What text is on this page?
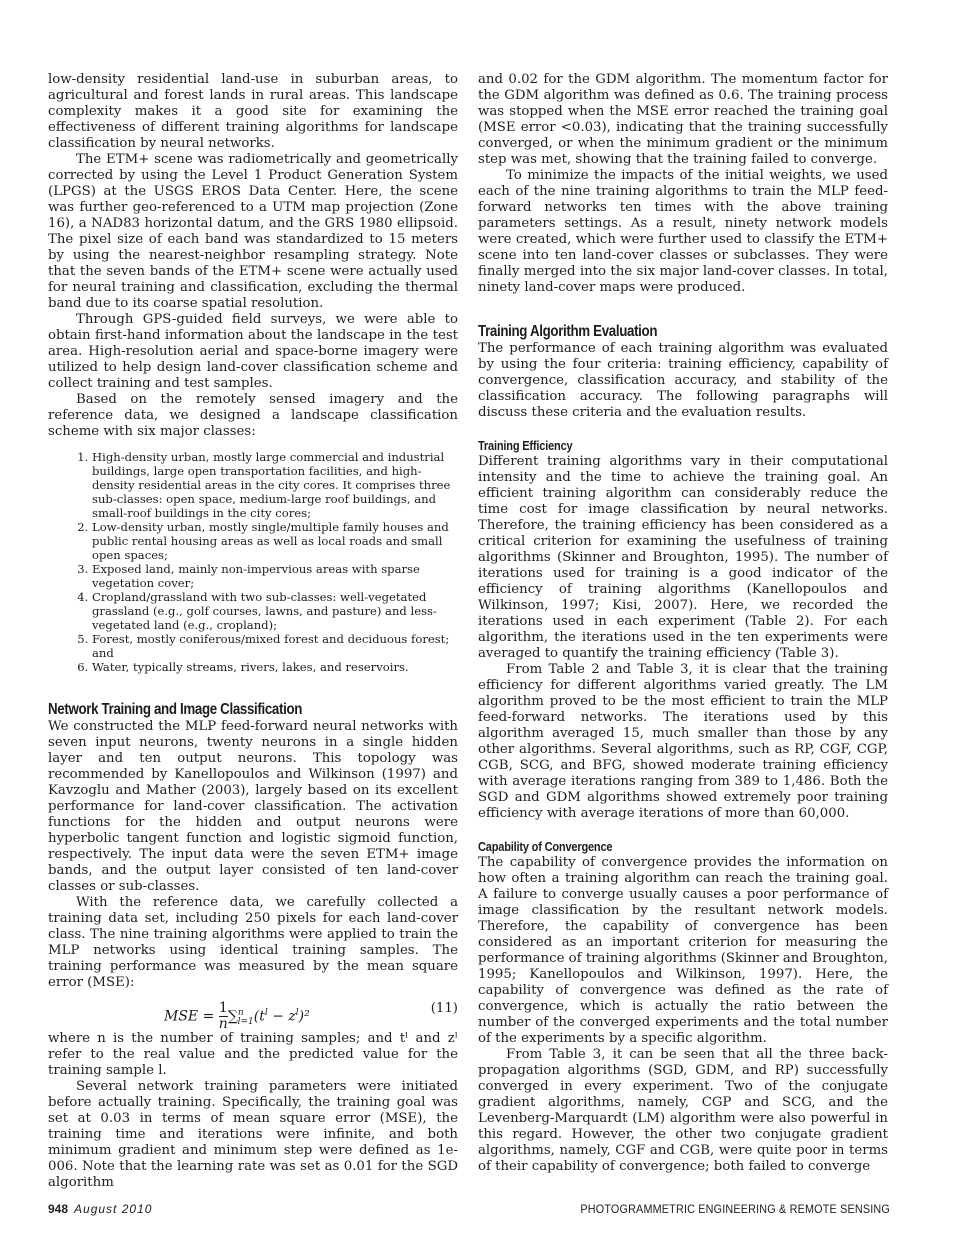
low-density residential land-use in suburban areas, to agricultural and forest lands in rural areas. This landscape complexity makes it a good site for examining the effectiveness of different training algorithms for landscape classification by neural networks.

The ETM+ scene was radiometrically and geometrically corrected by using the Level 1 Product Generation System (LPGS) at the USGS EROS Data Center. Here, the scene was further geo-referenced to a UTM map projection (Zone 16), a NAD83 horizontal datum, and the GRS 1980 ellipsoid. The pixel size of each band was standardized to 15 meters by using the nearest-neighbor resampling strategy. Note that the seven bands of the ETM+ scene were actually used for neural training and classification, excluding the thermal band due to its coarse spatial resolution.

Through GPS-guided field surveys, we were able to obtain first-hand information about the landscape in the test area. High-resolution aerial and space-borne imagery were utilized to help design land-cover classification scheme and collect training and test samples.

Based on the remotely sensed imagery and the reference data, we designed a landscape classification scheme with six major classes:

1. High-density urban, mostly large commercial and industrial buildings, large open transportation facilities, and high-density residential areas in the city cores. It comprises three sub-classes: open space, medium-large roof buildings, and small-roof buildings in the city cores;
2. Low-density urban, mostly single/multiple family houses and public rental housing areas as well as local roads and small open spaces;
3. Exposed land, mainly non-impervious areas with sparse vegetation cover;
4. Cropland/grassland with two sub-classes: well-vegetated grassland (e.g., golf courses, lawns, and pasture) and less-vegetated land (e.g., cropland);
5. Forest, mostly coniferous/mixed forest and deciduous forest; and
6. Water, typically streams, rivers, lakes, and reservoirs.
Network Training and Image Classification

We constructed the MLP feed-forward neural networks with seven input neurons, twenty neurons in a single hidden layer and ten output neurons. This topology was recommended by Kanellopoulos and Wilkinson (1997) and Kavzoglu and Mather (2003), largely based on its excellent performance for land-cover classification. The activation functions for the hidden and output neurons were hyperbolic tangent function and logistic sigmoid function, respectively. The input data were the seven ETM+ image bands, and the output layer consisted of ten land-cover classes or sub-classes.

With the reference data, we carefully collected a training data set, including 250 pixels for each land-cover class. The nine training algorithms were applied to train the MLP networks using identical training samples. The training performance was measured by the mean square error (MSE):

MSE = $\frac{1}{n} \sum^n_{l=1}(t^l - z^l)^2$	(11)

where n is the number of training samples; and tˡ and zˡ refer to the real value and the predicted value for the training sample l.

Several network training parameters were initiated before actually training. Specifically, the training goal was set at 0.03 in terms of mean square error (MSE), the training time and iterations were infinite, and both minimum gradient and minimum step were defined as 1e-006. Note that the learning rate was set as 0.01 for the SGD algorithm

and 0.02 for the GDM algorithm. The momentum factor for the GDM algorithm was defined as 0.6. The training process was stopped when the MSE error reached the training goal (MSE error <0.03), indicating that the training successfully converged, or when the minimum gradient or the minimum step was met, showing that the training failed to converge.

To minimize the impacts of the initial weights, we used each of the nine training algorithms to train the MLP feed-forward networks ten times with the above training parameters settings. As a result, ninety network models were created, which were further used to classify the ETM+ scene into ten land-cover classes or subclasses. They were finally merged into the six major land-cover classes. In total, ninety land-cover maps were produced.

Training Algorithm Evaluation

The performance of each training algorithm was evaluated by using the four criteria: training efficiency, capability of convergence, classification accuracy, and stability of the classification accuracy. The following paragraphs will discuss these criteria and the evaluation results.

Training Efficiency

Different training algorithms vary in their computational intensity and the time to achieve the training goal. An efficient training algorithm can considerably reduce the time cost for image classification by neural networks. Therefore, the training efficiency has been considered as a critical criterion for examining the usefulness of training algorithms (Skinner and Broughton, 1995). The number of iterations used for training is a good indicator of the efficiency of training algorithms (Kanellopoulos and Wilkinson, 1997; Kisi, 2007). Here, we recorded the iterations used in each experiment (Table 2). For each algorithm, the iterations used in the ten experiments were averaged to quantify the training efficiency (Table 3).

From Table 2 and Table 3, it is clear that the training efficiency for different algorithms varied greatly. The LM algorithm proved to be the most efficient to train the MLP feed-forward networks. The iterations used by this algorithm averaged 15, much smaller than those by any other algorithms. Several algorithms, such as RP, CGF, CGP, CGB, SCG, and BFG, showed moderate training efficiency with average iterations ranging from 389 to 1,486. Both the SGD and GDM algorithms showed extremely poor training efficiency with average iterations of more than 60,000.

Capability of Convergence

The capability of convergence provides the information on how often a training algorithm can reach the training goal. A failure to converge usually causes a poor performance of image classification by the resultant network models. Therefore, the capability of convergence has been considered as an important criterion for measuring the performance of training algorithms (Skinner and Broughton, 1995; Kanellopoulos and Wilkinson, 1997). Here, the capability of convergence was defined as the rate of convergence, which is actually the ratio between the number of the converged experiments and the total number of the experiments by a specific algorithm.

From Table 3, it can be seen that all the three back-propagation algorithms (SGD, GDM, and RP) successfully converged in every experiment. Two of the conjugate gradient algorithms, namely, CGP and SCG, and the Levenberg-Marquardt (LM) algorithm were also powerful in this regard. However, the other two conjugate gradient algorithms, namely, CGF and CGB, were quite poor in terms of their capability of convergence; both failed to converge

948 August 2010	PHOTOGRAMMETRIC ENGINEERING & REMOTE SENSING
